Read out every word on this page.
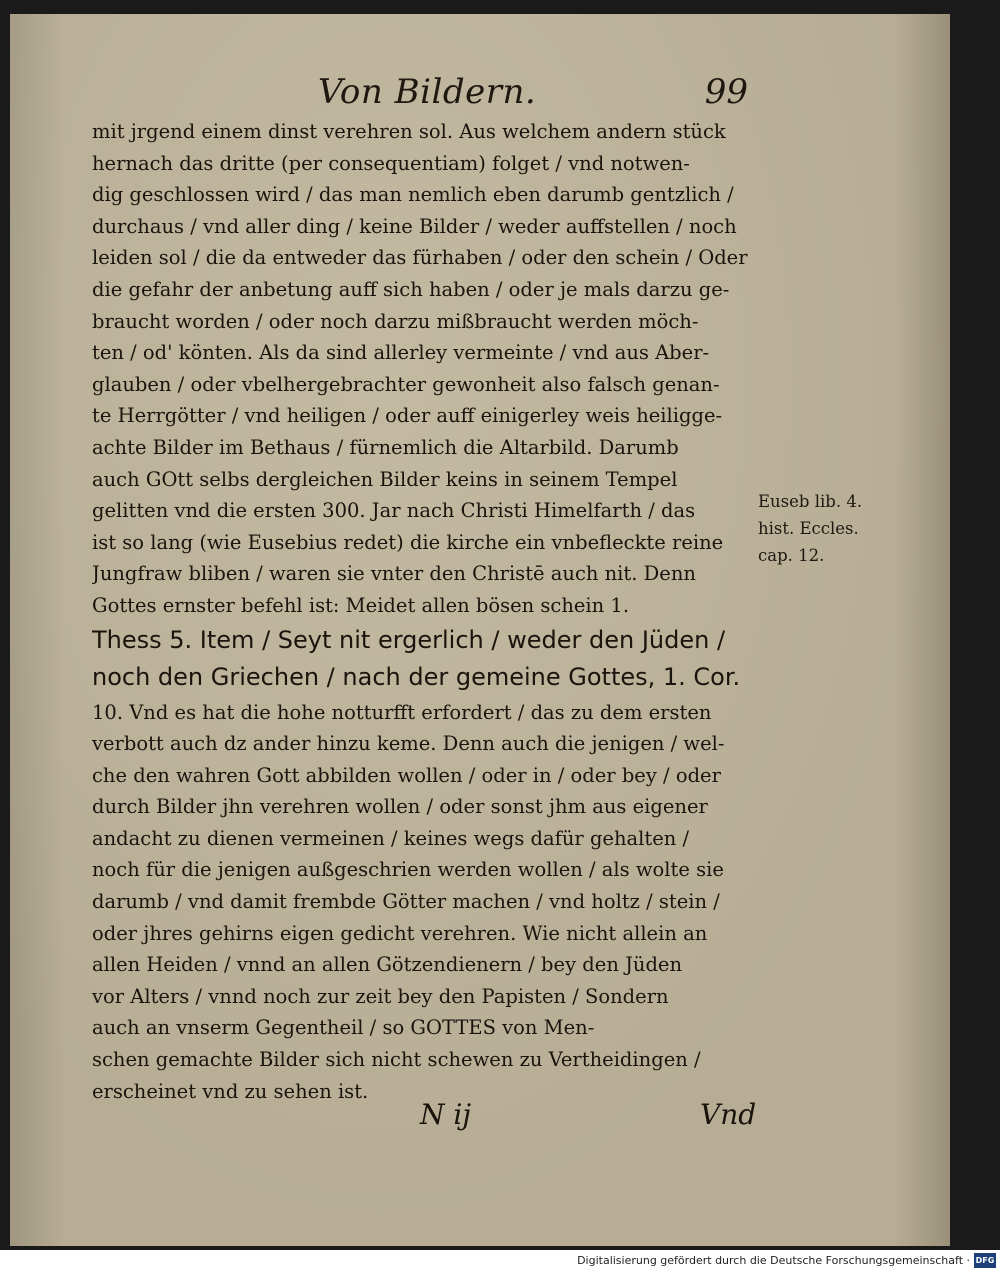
Von Bildern.	99
mit jrgend einem dinst verehren sol. Aus welchem andern stück
hernach das dritte (per consequentiam) folget / vnd notwen-
dig geschlossen wird / das man nemlich eben darumb gentzlich /
durchaus / vnd aller ding / keine Bilder / weder auffstellen / noch
leiden sol / die da entweder das fürhaben / oder den schein / Oder
die gefahr der anbetung auff sich haben / oder je mals darzu ge-
braucht worden / oder noch darzu mißbraucht werden möch-
ten / od' könten. Als da sind allerley vermeinte / vnd aus Aber-
glauben / oder vbelhergebrachter gewonheit also falsch genan-
te Herrgötter / vnd heiligen / oder auff einigerley weis heiligge-
achte Bilder im Bethaus / fürnemlich die Altarbild. Darumb
auch GOtt selbs dergleichen Bilder keins in seinem Tempel
gelitten vnd die ersten 300. Jar nach Christi Himelfarth / das
ist so lang (wie Eusebius redet) die kirche ein vnbefleckte reine
Jungfraw bliben / waren sie vnter den Christē auch nit. Denn
Gottes ernster befehl ist: Meidet allen bösen schein 1.
Thess 5. Item / Seyt nit ergerlich / weder den Jüden /
noch den Griechen / nach der gemeine Gottes, 1. Cor.
10. Vnd es hat die hohe notturfft erfordert / das zu dem ersten
verbott auch dz ander hinzu keme. Denn auch die jenigen / wel-
che den wahren Gott abbilden wollen / oder in / oder bey / oder
durch Bilder jhn verehren wollen / oder sonst jhm aus eigener
andacht zu dienen vermeinen / keines wegs dafür gehalten /
noch für die jenigen außgeschrien werden wollen / als wolte sie
darumb / vnd damit frembde Götter machen / vnd holtz / stein /
oder jhres gehirns eigen gedicht verehren. Wie nicht allein an
allen Heiden / vnnd an allen Götzendienern / bey den Jüden
vor Alters / vnnd noch zur zeit bey den Papisten / Sondern
auch an vnserm Gegentheil / so GOTTES von Men-
schen gemachte Bilder sich nicht schewen zu Vertheidingen /
erscheinet vnd zu sehen ist.
Euseb lib. 4.
hist. Eccles.
cap. 12.
N ij	Vnd
Digitalisierung gefördert durch die Deutsche Forschungsgemeinschaft · DFG
